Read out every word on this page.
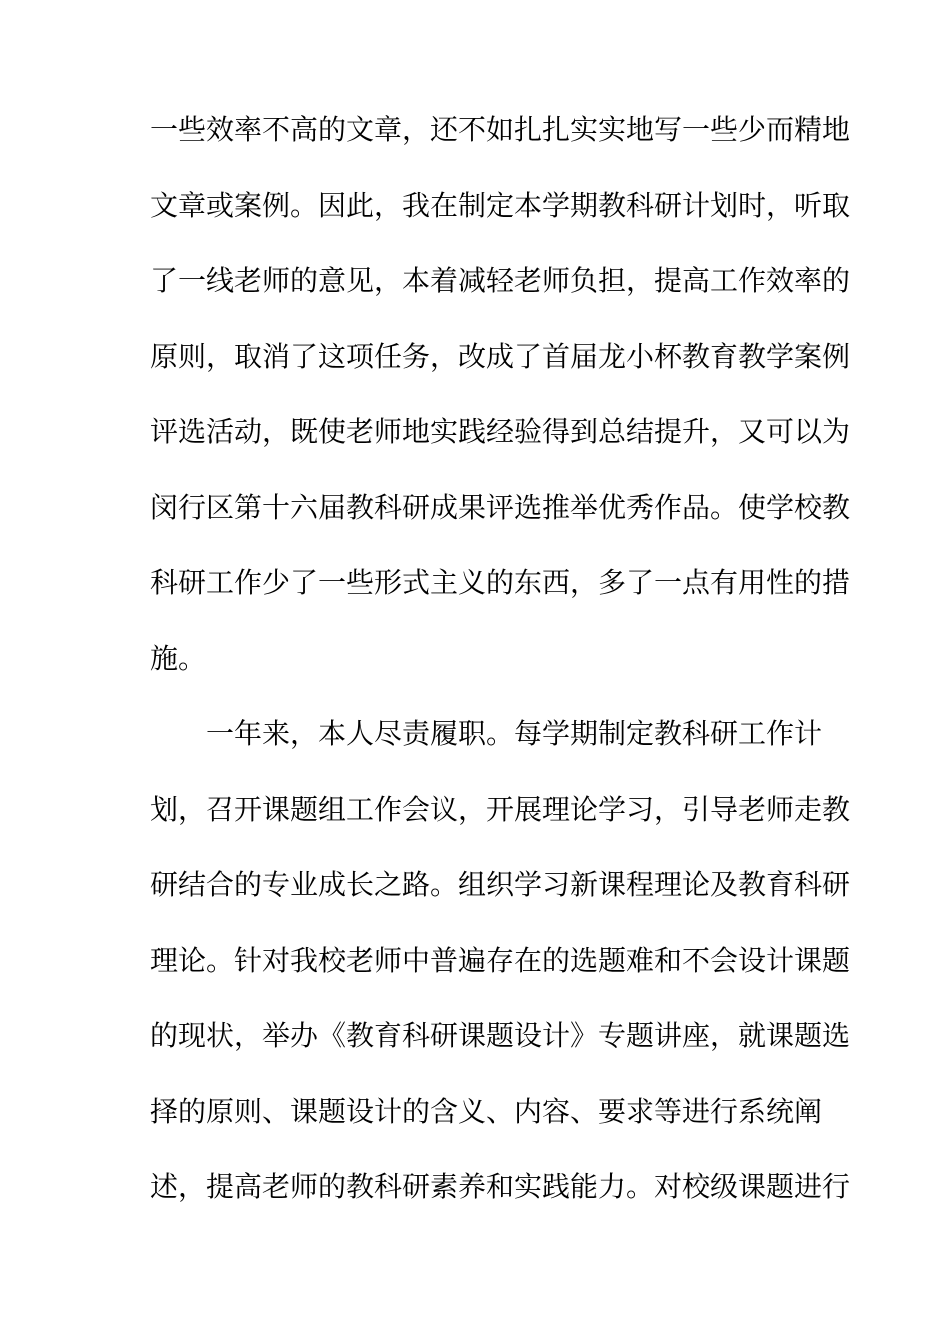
一些效率不高的文章，还不如扎扎实实地写一些少而精地
文章或案例。因此，我在制定本学期教科研计划时，听取
了一线老师的意见，本着减轻老师负担，提高工作效率的
原则，取消了这项任务，改成了首届龙小杯教育教学案例
评选活动，既使老师地实践经验得到总结提升，又可以为
闵行区第十六届教科研成果评选推举优秀作品。使学校教
科研工作少了一些形式主义的东西，多了一点有用性的措
施。
一年来，本人尽责履职。每学期制定教科研工作计
划，召开课题组工作会议，开展理论学习，引导老师走教
研结合的专业成长之路。组织学习新课程理论及教育科研
理论。针对我校老师中普遍存在的选题难和不会设计课题
的现状，举办《教育科研课题设计》专题讲座，就课题选
择的原则、课题设计的含义、内容、要求等进行系统阐
述，提高老师的教科研素养和实践能力。对校级课题进行
